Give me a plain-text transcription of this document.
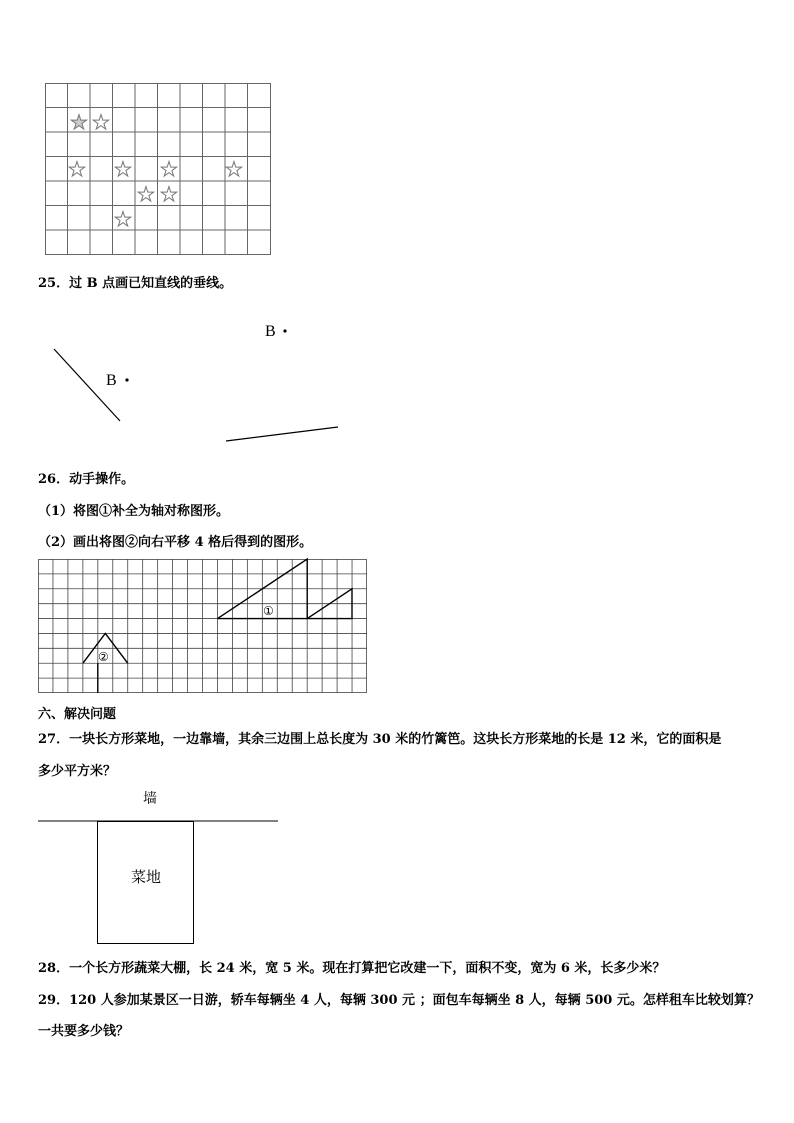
★ ★
★ ★ ★ ★
★ ★
★
25．过 B 点画已知直线的垂线。
B
B
26．动手操作。
（1）将图①补全为轴对称图形。
（2）画出将图②向右平移 4 格后得到的图形。
①
②
六、解决问题
27．一块长方形菜地，一边靠墙，其余三边围上总长度为 30 米的竹篱笆。这块长方形菜地的长是 12 米，它的面积是
多少平方米？
墙
菜地
28．一个长方形蔬菜大棚，长 24 米，宽 5 米。现在打算把它改建一下，面积不变，宽为 6 米，长多少米？
29．120 人参加某景区一日游，轿车每辆坐 4 人，每辆 300 元 ；面包车每辆坐 8 人，每辆 500 元。怎样租车比较划算？
一共要多少钱？
